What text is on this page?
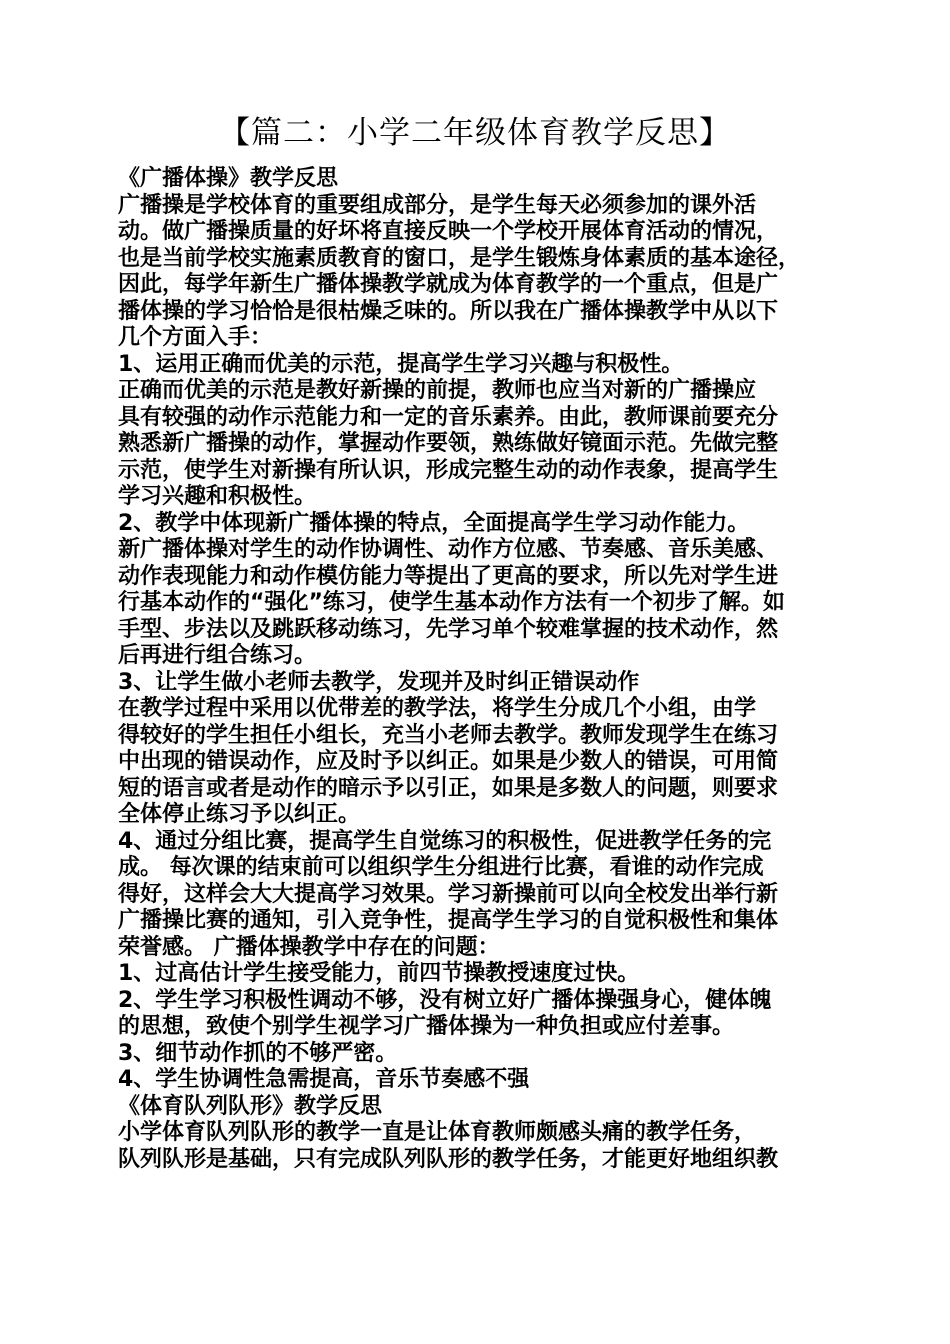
【篇二：小学二年级体育教学反思】
《广播体操》教学反思
广播操是学校体育的重要组成部分，是学生每天必须参加的课外活
动。做广播操质量的好坏将直接反映一个学校开展体育活动的情况，
也是当前学校实施素质教育的窗口，是学生锻炼身体素质的基本途径，
因此，每学年新生广播体操教学就成为体育教学的一个重点，但是广
播体操的学习恰恰是很枯燥乏味的。所以我在广播体操教学中从以下
几个方面入手：
1、运用正确而优美的示范，提高学生学习兴趣与积极性。
正确而优美的示范是教好新操的前提，教师也应当对新的广播操应
具有较强的动作示范能力和一定的音乐素养。由此，教师课前要充分
熟悉新广播操的动作，掌握动作要领，熟练做好镜面示范。先做完整
示范，使学生对新操有所认识，形成完整生动的动作表象，提高学生
学习兴趣和积极性。
2、教学中体现新广播体操的特点，全面提高学生学习动作能力。
新广播体操对学生的动作协调性、动作方位感、节奏感、音乐美感、
动作表现能力和动作模仿能力等提出了更高的要求，所以先对学生进
行基本动作的“强化”练习，使学生基本动作方法有一个初步了解。如
手型、步法以及跳跃移动练习，先学习单个较难掌握的技术动作，然
后再进行组合练习。
3、让学生做小老师去教学，发现并及时纠正错误动作
在教学过程中采用以优带差的教学法，将学生分成几个小组，由学
得较好的学生担任小组长，充当小老师去教学。教师发现学生在练习
中出现的错误动作，应及时予以纠正。如果是少数人的错误，可用简
短的语言或者是动作的暗示予以引正，如果是多数人的问题，则要求
全体停止练习予以纠正。
4、通过分组比赛，提高学生自觉练习的积极性，促进教学任务的完
成。 每次课的结束前可以组织学生分组进行比赛，看谁的动作完成
得好，这样会大大提高学习效果。学习新操前可以向全校发出举行新
广播操比赛的通知，引入竞争性，提高学生学习的自觉积极性和集体
荣誉感。 广播体操教学中存在的问题：
1、过高估计学生接受能力，前四节操教授速度过快。
2、学生学习积极性调动不够，没有树立好广播体操强身心，健体魄
的思想，致使个别学生视学习广播体操为一种负担或应付差事。
3、细节动作抓的不够严密。
4、学生协调性急需提高，音乐节奏感不强
《体育队列队形》教学反思
小学体育队列队形的教学一直是让体育教师颇感头痛的教学任务，
队列队形是基础，只有完成队列队形的教学任务，才能更好地组织教
